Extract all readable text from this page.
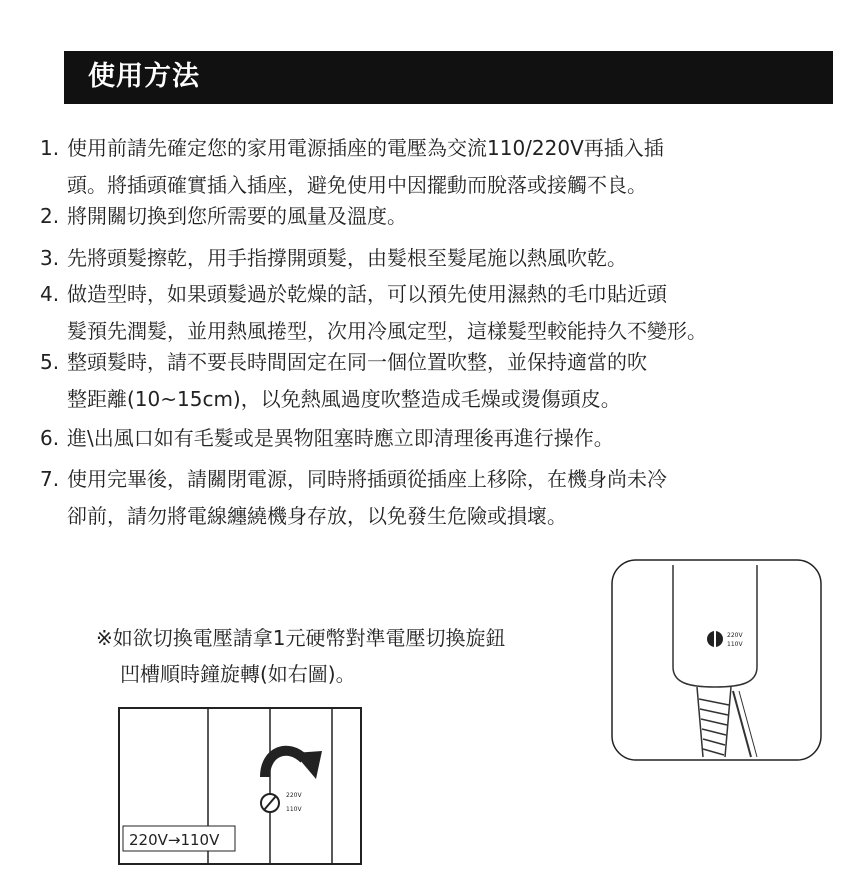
使用方法
1. 使用前請先確定您的家用電源插座的電壓為交流110/220V再插入插
頭。將插頭確實插入插座，避免使用中因擺動而脫落或接觸不良。
2. 將開關切換到您所需要的風量及溫度。
3. 先將頭髮擦乾，用手指撐開頭髮，由髮根至髮尾施以熱風吹乾。
4. 做造型時，如果頭髮過於乾燥的話，可以預先使用濕熱的毛巾貼近頭
髮預先潤髮，並用熱風捲型，次用冷風定型，這樣髮型較能持久不變形。
5. 整頭髮時，請不要長時間固定在同一個位置吹整，並保持適當的吹
整距離(10~15cm)，以免熱風過度吹整造成毛燥或燙傷頭皮。
6. 進\出風口如有毛髮或是異物阻塞時應立即清理後再進行操作。
7. 使用完畢後，請關閉電源，同時將插頭從插座上移除，在機身尚未冷
卻前，請勿將電線纏繞機身存放，以免發生危險或損壞。
※如欲切換電壓請拿1元硬幣對準電壓切換旋鈕
凹槽順時鐘旋轉(如右圖)。
220V
110V
220V→110V
220V
110V
